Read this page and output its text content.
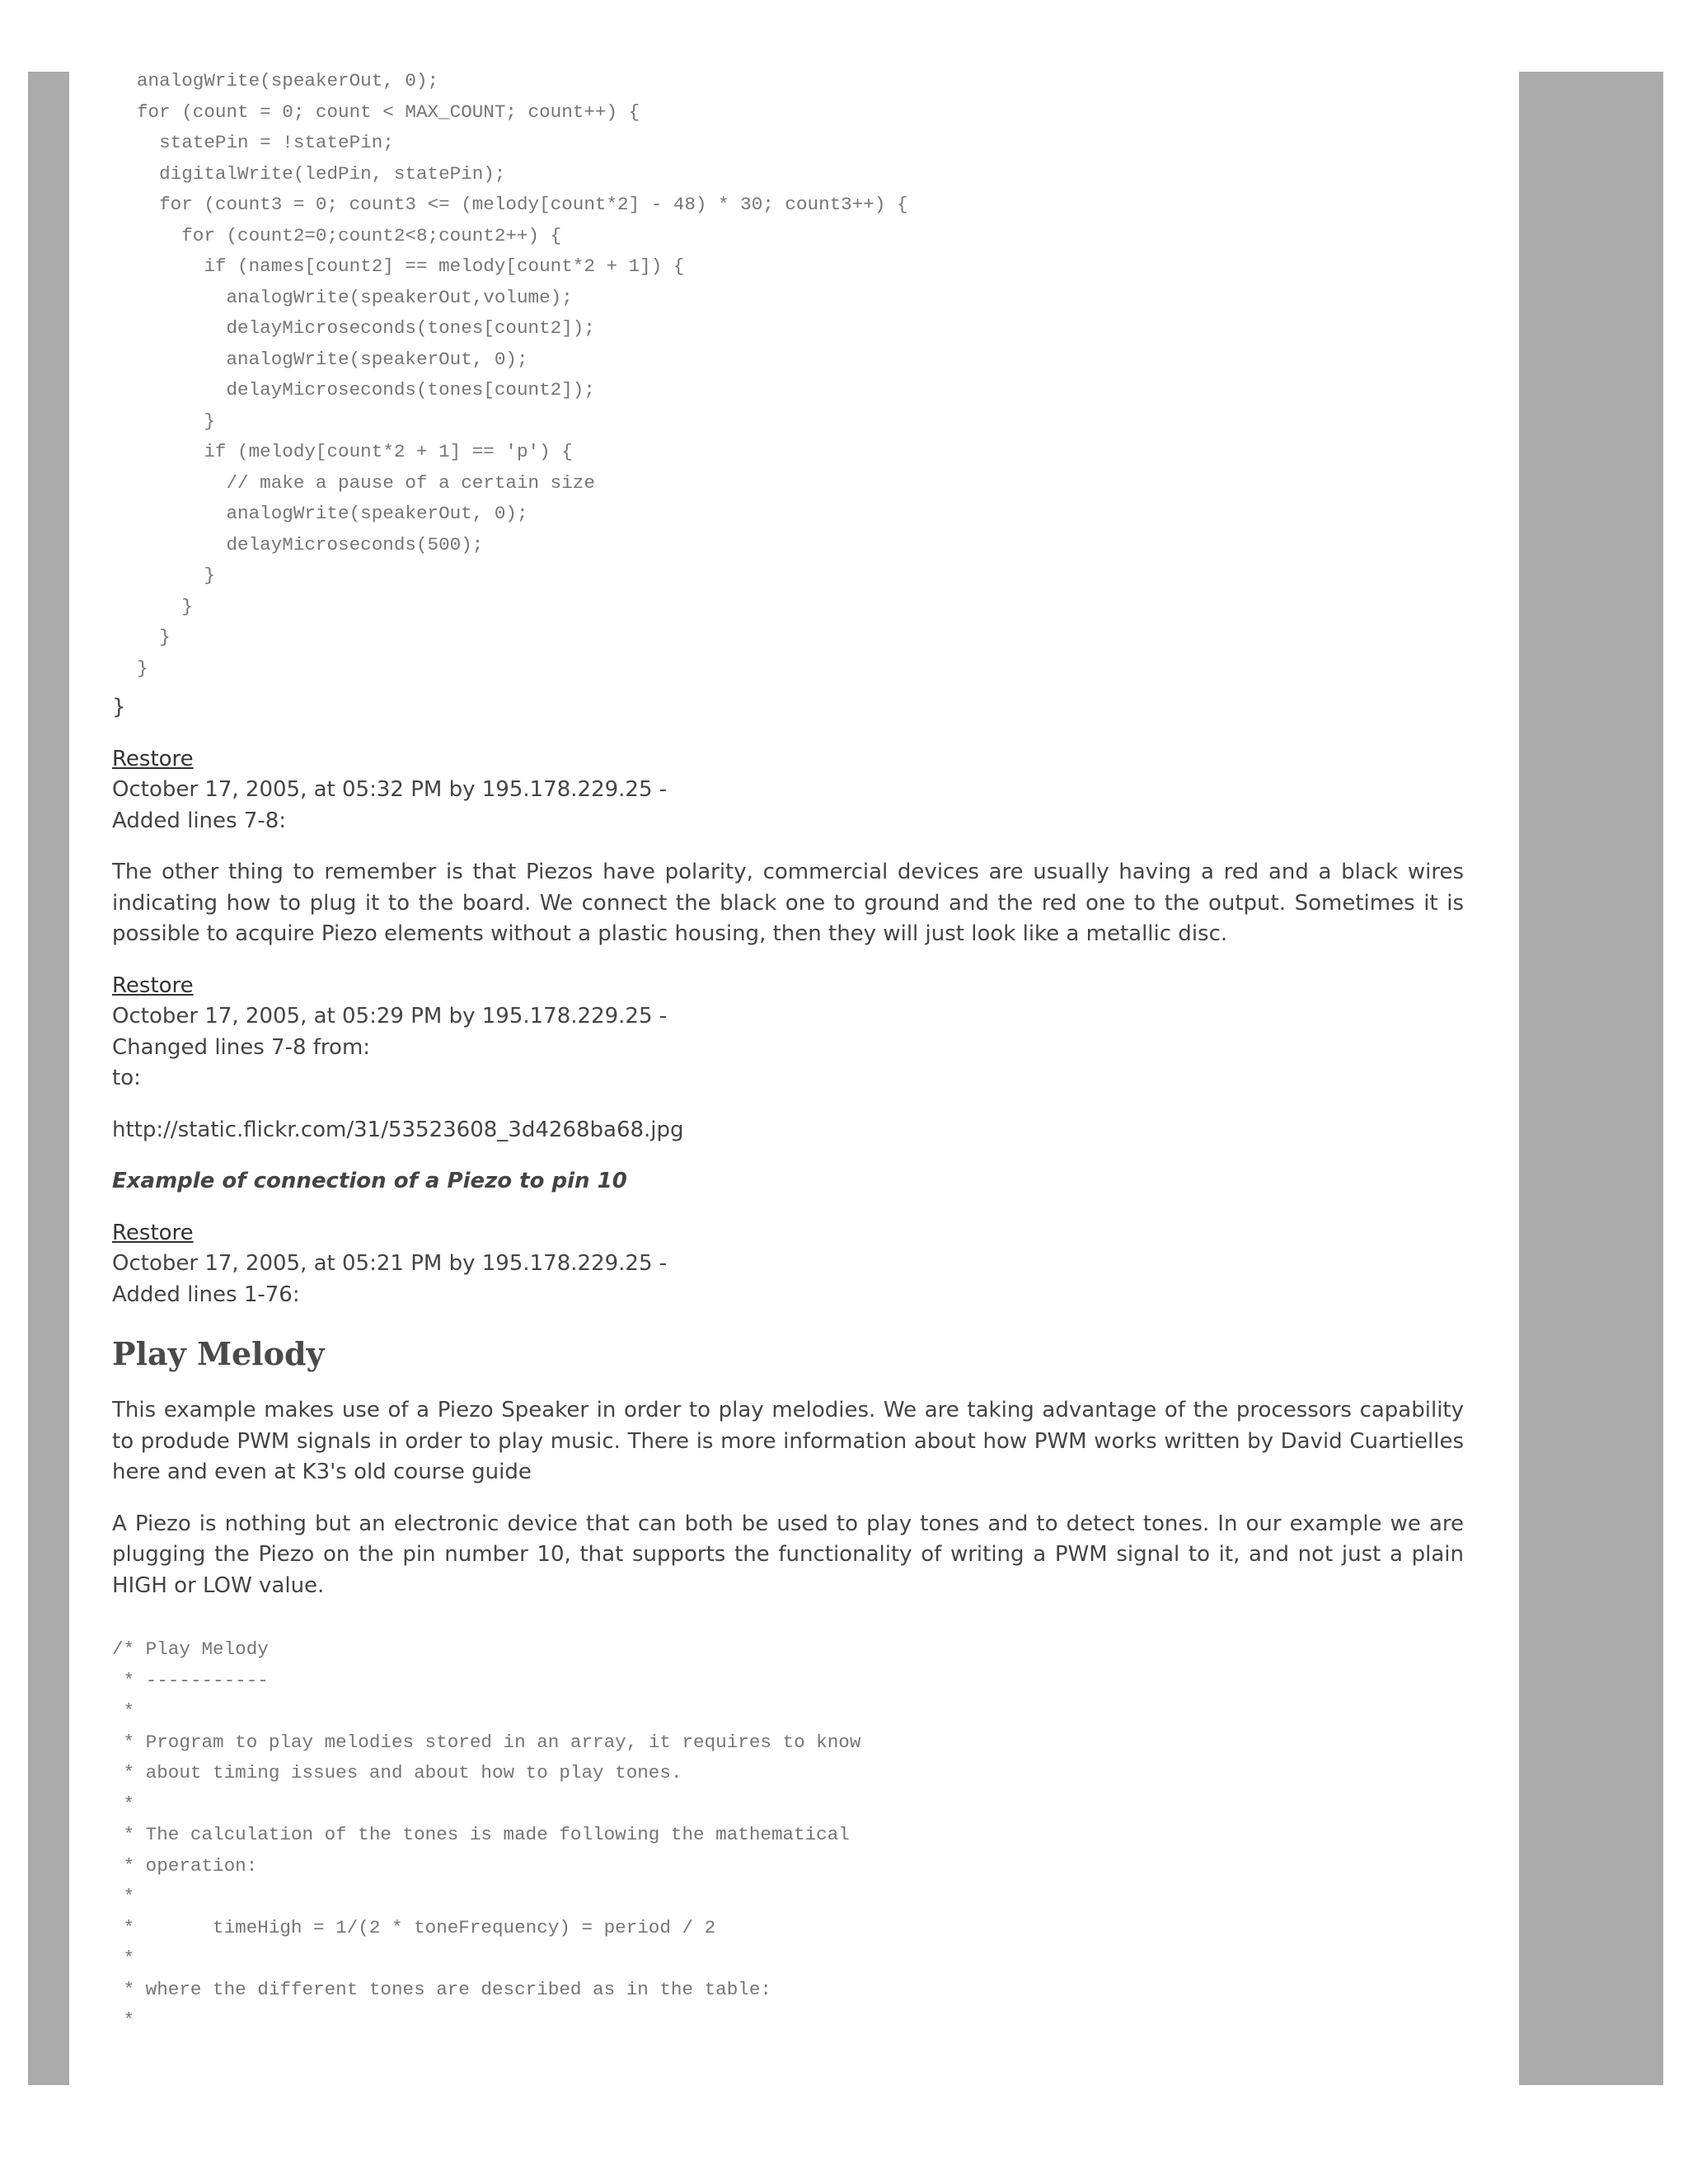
analogWrite(speakerOut, 0);
for (count = 0; count < MAX_COUNT; count++) {
statePin = !statePin;
digitalWrite(ledPin, statePin);
for (count3 = 0; count3 <= (melody[count*2] - 48) * 30; count3++) {
for (count2=0;count2<8;count2++) {
if (names[count2] == melody[count*2 + 1]) {
analogWrite(speakerOut,volume);
delayMicroseconds(tones[count2]);
analogWrite(speakerOut, 0);
delayMicroseconds(tones[count2]);
}
if (melody[count*2 + 1] == 'p') {
// make a pause of a certain size
analogWrite(speakerOut, 0);
delayMicroseconds(500);
}
}
}
}
}
Restore
October 17, 2005, at 05:32 PM by 195.178.229.25 -
Added lines 7-8:

The other thing to remember is that Piezos have polarity, commercial devices are usually having a red and a black wires indicating how to plug it to the board. We connect the black one to ground and the red one to the output. Sometimes it is possible to acquire Piezo elements without a plastic housing, then they will just look like a metallic disc.

Restore
October 17, 2005, at 05:29 PM by 195.178.229.25 -
Changed lines 7-8 from:
to:

http://static.flickr.com/31/53523608_3d4268ba68.jpg

Example of connection of a Piezo to pin 10
Restore
October 17, 2005, at 05:21 PM by 195.178.229.25 -
Added lines 1-76:
Play Melody

This example makes use of a Piezo Speaker in order to play melodies. We are taking advantage of the processors capability to produde PWM signals in order to play music. There is more information about how PWM works written by David Cuartielles here and even at K3's old course guide

A Piezo is nothing but an electronic device that can both be used to play tones and to detect tones. In our example we are plugging the Piezo on the pin number 10, that supports the functionality of writing a PWM signal to it, and not just a plain HIGH or LOW value.

/* Play Melody
* -----------
*
* Program to play melodies stored in an array, it requires to know
* about timing issues and about how to play tones.
*
* The calculation of the tones is made following the mathematical
* operation:
*
*       timeHigh = 1/(2 * toneFrequency) = period / 2
*
* where the different tones are described as in the table:
*
